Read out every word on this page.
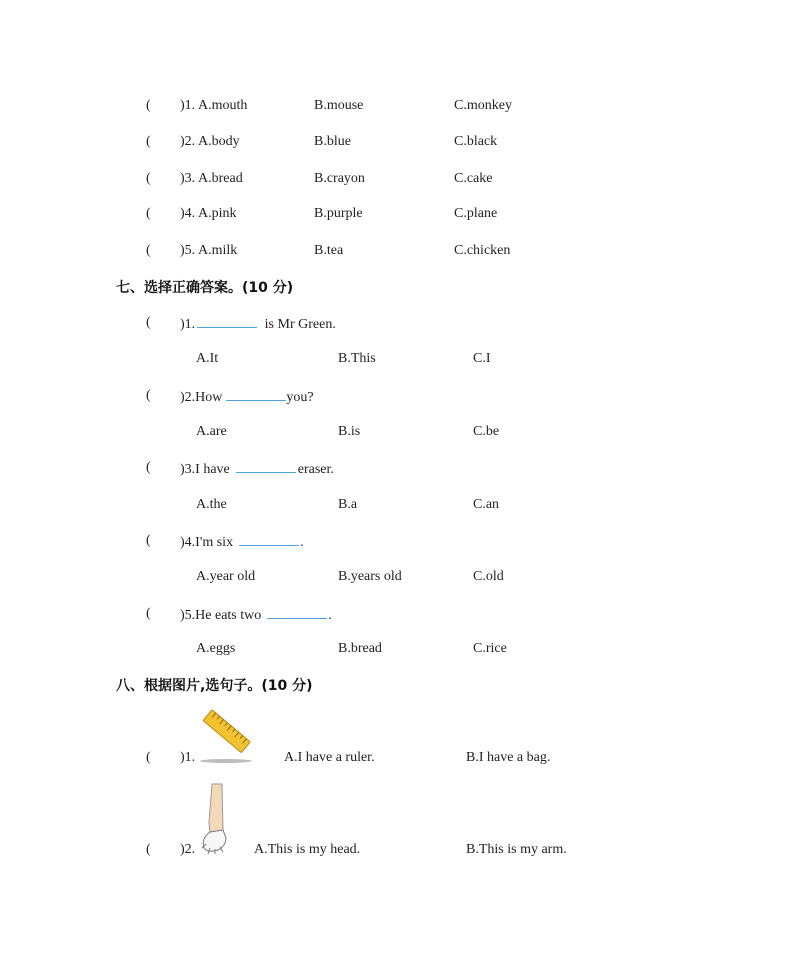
( )1. A.mouth	B.mouse	C.monkey
( )2. A.body	B.blue	C.black
( )3. A.bread	B.crayon	C.cake
( )4. A.pink	B.purple	C.plane
( )5. A.milk	B.tea	C.chicken
七、选择正确答案。(10 分)
( )1.	is Mr Green.
A.It	B.This	C.I
( )2.How	you?
A.are	B.is	C.be
( )3.I have	eraser.
A.the	B.a	C.an
( )4.I'm six	.
A.year old	B.years old	C.old
( )5.He eats two	.
A.eggs	B.bread	C.rice
八、根据图片,选句子。(10 分)
( )1.	A.I have a ruler.	B.I have a bag.
( )2.	A.This is my head.	B.This is my arm.
